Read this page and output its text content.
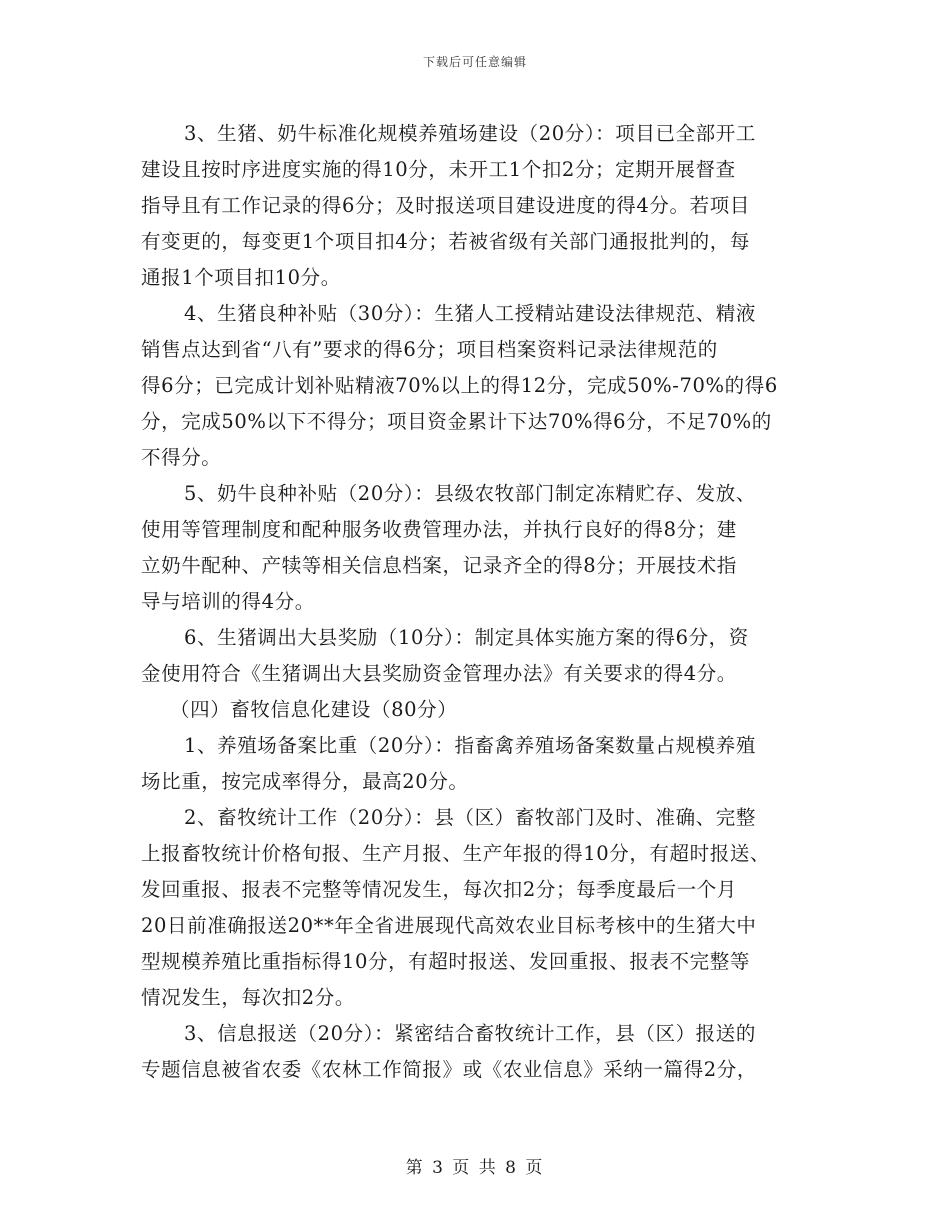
下载后可任意编辑
3、生猪、奶牛标准化规模养殖场建设（20分）：项目已全部开工
建设且按时序进度实施的得10分，未开工1个扣2分；定期开展督查
指导且有工作记录的得6分；及时报送项目建设进度的得4分。若项目
有变更的，每变更1个项目扣4分；若被省级有关部门通报批判的，每
通报1个项目扣10分。
4、生猪良种补贴（30分）：生猪人工授精站建设法律规范、精液
销售点达到省“八有”要求的得6分；项目档案资料记录法律规范的
得6分；已完成计划补贴精液70%以上的得12分，完成50%-70%的得6
分，完成50%以下不得分；项目资金累计下达70%得6分，不足70%的
不得分。
5、奶牛良种补贴（20分）：县级农牧部门制定冻精贮存、发放、
使用等管理制度和配种服务收费管理办法，并执行良好的得8分；建
立奶牛配种、产犊等相关信息档案，记录齐全的得8分；开展技术指
导与培训的得4分。
6、生猪调出大县奖励（10分）：制定具体实施方案的得6分，资
金使用符合《生猪调出大县奖励资金管理办法》有关要求的得4分。
（四）畜牧信息化建设（80分）
1、养殖场备案比重（20分）：指畜禽养殖场备案数量占规模养殖
场比重，按完成率得分，最高20分。
2、畜牧统计工作（20分）：县（区）畜牧部门及时、准确、完整
上报畜牧统计价格旬报、生产月报、生产年报的得10分，有超时报送、
发回重报、报表不完整等情况发生，每次扣2分；每季度最后一个月
20日前准确报送20**年全省进展现代高效农业目标考核中的生猪大中
型规模养殖比重指标得10分，有超时报送、发回重报、报表不完整等
情况发生，每次扣2分。
3、信息报送（20分）：紧密结合畜牧统计工作，县（区）报送的
专题信息被省农委《农林工作简报》或《农业信息》采纳一篇得2分，
第 3 页 共 8 页
